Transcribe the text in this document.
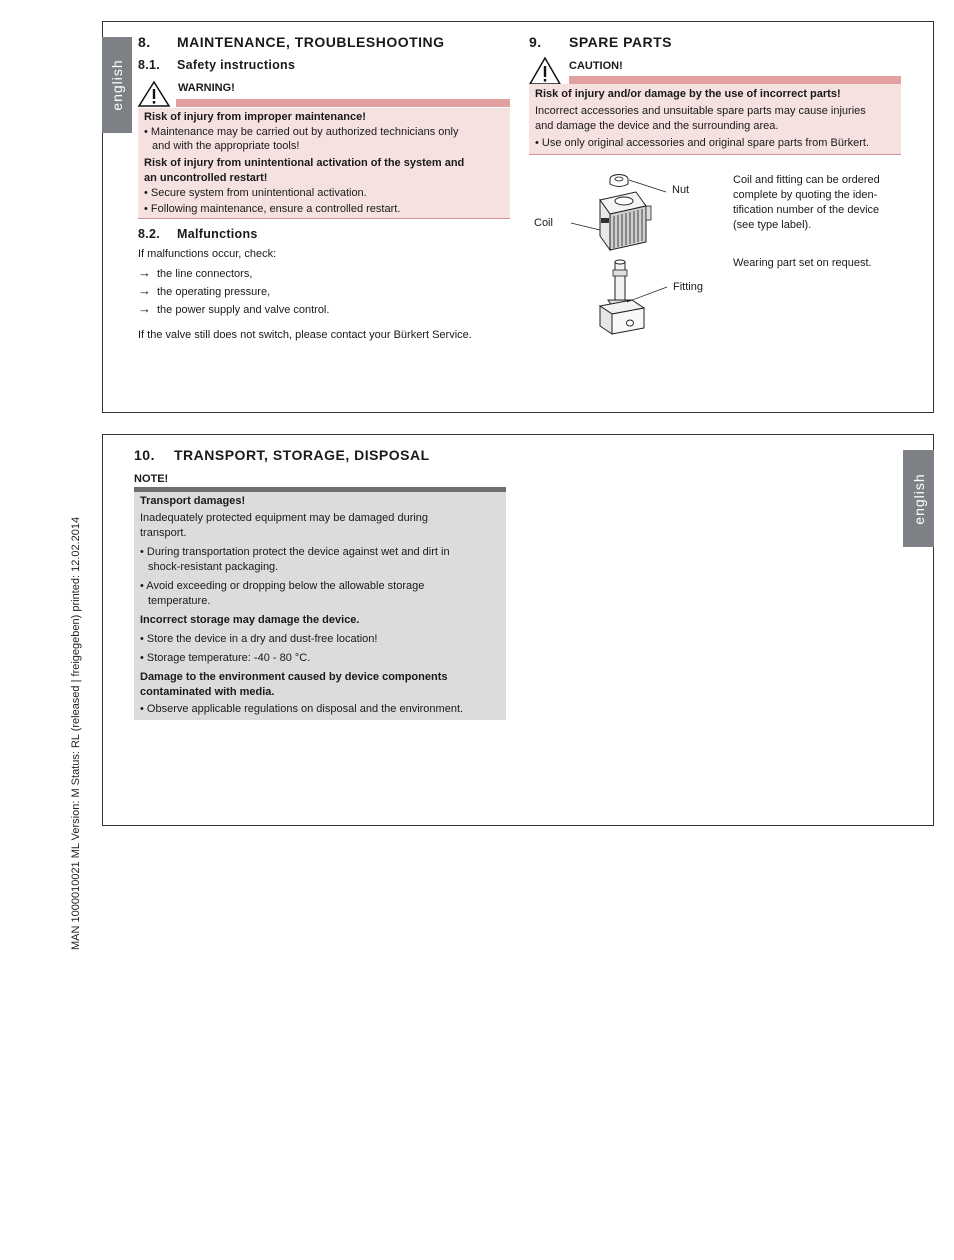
MAN 1000010021 ML Version: M Status: RL (released | freigegeben) printed: 12.02.2014
english
8. MAINTENANCE, TROUBLESHOOTING
8.1. Safety instructions
WARNING!
Risk of injury from improper maintenance!
• Maintenance may be carried out by authorized technicians only
and with the appropriate tools!
Risk of injury from unintentional activation of the system and
an uncontrolled restart!
• Secure system from unintentional activation.
• Following maintenance, ensure a controlled restart.
8.2. Malfunctions
If malfunctions occur, check:
→ the line connectors,
→ the operating pressure,
→ the power supply and valve control.
If the valve still does not switch, please contact your Bürkert Service.
9. SPARE PARTS
CAUTION!
Risk of injury and/or damage by the use of incorrect parts!
Incorrect accessories and unsuitable spare parts may cause injuries
and damage the device and the surrounding area.
• Use only original accessories and original spare parts from Bürkert.
Nut
Coil
Fitting
Coil and fitting can be ordered
complete by quoting the iden-
tification number of the device
(see type label).
Wearing part set on request.
english
10. TRANSPORT, STORAGE, DISPOSAL
NOTE!
Transport damages!
Inadequately protected equipment may be damaged during
transport.
• During transportation protect the device against wet and dirt in
shock-resistant packaging.
• Avoid exceeding or dropping below the allowable storage
temperature.
Incorrect storage may damage the device.
• Store the device in a dry and dust-free location!
• Storage temperature: -40 - 80 °C.
Damage to the environment caused by device components
contaminated with media.
• Observe applicable regulations on disposal and the environment.
